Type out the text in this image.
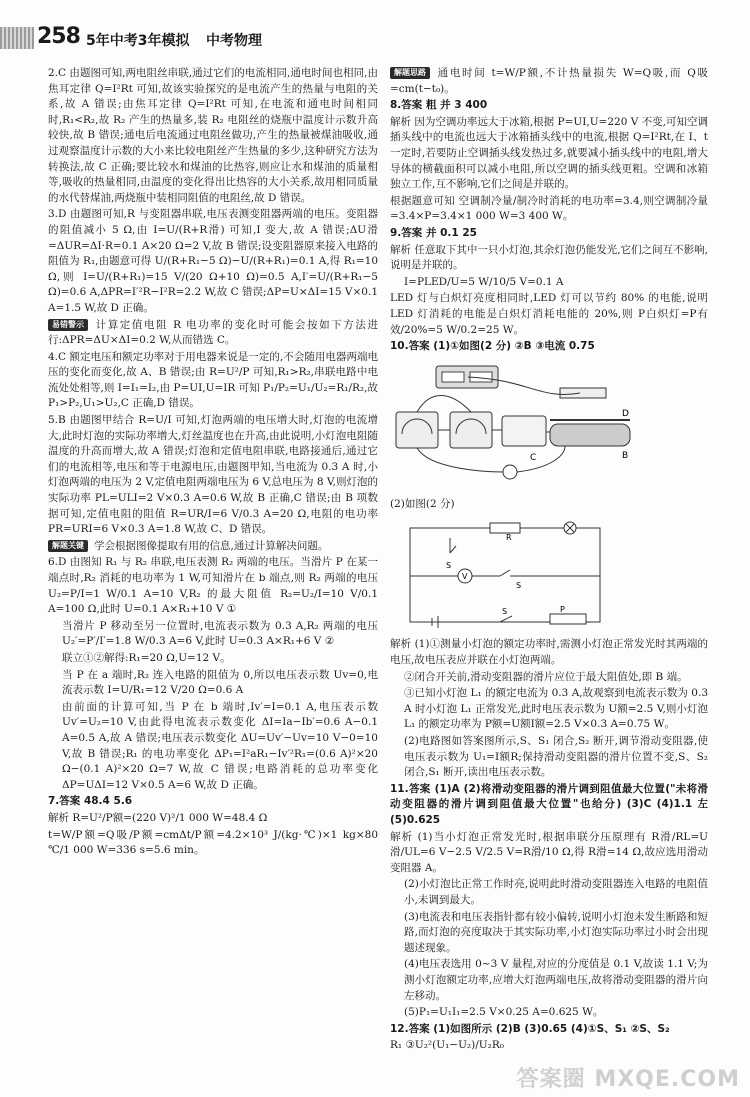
258 5年中考3年模拟 中考物理

2.C 由题图可知,两电阻丝串联,通过它们的电流相同,通电时间也相同,由焦耳定律 Q=I²Rt 可知,故该实验探究的是电流产生的热量与电阻的关系,故 A 错误;由焦耳定律 Q=I²Rt 可知,在电流和通电时间相同时,R₁<R₂,故 R₂ 产生的热量多,装 R₂ 电阻丝的烧瓶中温度计示数升高较快,故 B 错误;通电后电流通过电阻丝做功,产生的热量被煤油吸收,通过观察温度计示数的大小来比较电阻丝产生热量的多少,这种研究方法为转换法,故 C 正确;要比较水和煤油的比热容,则应让水和煤油的质量相等,吸收的热量相同,由温度的变化得出比热容的大小关系,故用相同质量的水代替煤油,两烧瓶中装相同阻值的电阻丝,故 D 错误。

3.D 由题图可知,R 与变阻器串联,电压表测变阻器两端的电压。变阻器的阻值减小 5 Ω,由 I=U/(R+R滑) 可知,I 变大,故 A 错误;ΔU滑=ΔUR=ΔI·R=0.1 A×20 Ω=2 V,故 B 错误;设变阻器原来接入电路的阻值为 R₁,由题意可得 U/(R+R₁−5 Ω)−U/(R+R₁)=0.1 A,得 R₁=10 Ω,则 I=U/(R+R₁)=15 V/(20 Ω+10 Ω)=0.5 A,I′=U/(R+R₁−5 Ω)=0.6 A,ΔPR=I′²R−I²R=2.2 W,故 C 错误;ΔP=U×ΔI=15 V×0.1 A=1.5 W,故 D 正确。

易错警示 计算定值电阻 R 电功率的变化时可能会按如下方法进行:ΔPR=ΔU×ΔI=0.2 W,从而错选 C。

4.C 额定电压和额定功率对于用电器来说是一定的,不会随用电器两端电压的变化而变化,故 A、B 错误;由 R=U²/P 可知,R₁>R₂,串联电路中电流处处相等,则 I=I₁=I₂,由 P=UI,U=IR 可知 P₁/P₂=U₁/U₂=R₁/R₂,故 P₁>P₂,U₁>U₂,C 正确,D 错误。

5.B 由题图甲结合 R=U/I 可知,灯泡两端的电压增大时,灯泡的电流增大,此时灯泡的实际功率增大,灯丝温度也在升高,由此说明,小灯泡电阻随温度的升高而增大,故 A 错误;灯泡和定值电阻串联,电路接通后,通过它们的电流相等,电压和等于电源电压,由题图甲知,当电流为 0.3 A 时,小灯泡两端的电压为 2 V,定值电阻两端电压为 6 V,总电压为 8 V,则灯泡的实际功率 PL=ULI=2 V×0.3 A=0.6 W,故 B 正确,C 错误;由 B 项数据可知,定值电阻的阻值 R=UR/I=6 V/0.3 A=20 Ω,电阻的电功率 PR=URI=6 V×0.3 A=1.8 W,故 C、D 错误。

解题关键 学会根据图像提取有用的信息,通过计算解决问题。

6.D 由图知 R₁ 与 R₂ 串联,电压表测 R₂ 两端的电压。当滑片 P 在某一端点时,R₂ 消耗的电功率为 1 W,可知滑片在 b 端点,则 R₂ 两端的电压 U₂=P/I=1 W/0.1 A=10 V,R₂ 的最大阻值 R₂=U₂/I=10 V/0.1 A=100 Ω,此时 U=0.1 A×R₁+10 V ①

当滑片 P 移动至另一位置时,电流表示数为 0.3 A,R₂ 两端的电压 U₂′=P′/I′=1.8 W/0.3 A=6 V,此时 U=0.3 A×R₁+6 V ②

联立①②解得:R₁=20 Ω,U=12 V。

当 P 在 a 端时,R₂ 连入电路的阻值为 0,所以电压表示数 Uv=0,电流表示数 I=U/R₁=12 V/20 Ω=0.6 A

由前面的计算可知,当 P 在 b 端时,Iv′=I=0.1 A,电压表示数 Uv′=U₂=10 V,由此得电流表示数变化 ΔI=Ia−Ib′=0.6 A−0.1 A=0.5 A,故 A 错误;电压表示数变化 ΔU=Uv′−Uv=10 V−0=10 V,故 B 错误;R₁ 的电功率变化 ΔP₁=I²aR₁−Iv′²R₁=(0.6 A)²×20 Ω−(0.1 A)²×20 Ω=7 W,故 C 错误;电路消耗的总功率变化 ΔP=UΔI=12 V×0.5 A=6 W,故 D 正确。

7.答案 48.4 5.6

解析 R=U²/P额=(220 V)²/1 000 W=48.4 Ω

t=W/P额=Q吸/P额=cmΔt/P额=4.2×10³ J/(kg·℃)×1 kg×80 ℃/1 000 W=336 s=5.6 min。

解题思路 通电时间 t=W/P额,不计热量损失 W=Q吸,而 Q吸=cm(t−t₀)。

8.答案 粗 并 3 400

解析 因为空调功率远大于冰箱,根据 P=UI,U=220 V 不变,可知空调插头线中的电流也远大于冰箱插头线中的电流,根据 Q=I²Rt,在 I、t 一定时,若要防止空调插头线发热过多,就要减小插头线中的电阻,增大导体的横截面积可以减小电阻,所以空调的插头线更粗。空调和冰箱独立工作,互不影响,它们之间是并联的。

根据题意可知 空调制冷量/制冷时消耗的电功率=3.4,则空调制冷量=3.4×P=3.4×1 000 W=3 400 W。

9.答案 并 0.1 25

解析 任意取下其中一只小灯泡,其余灯泡仍能发光,它们之间互不影响,说明是并联的。

I=PLED/U=5 W/10/5 V=0.1 A

LED 灯与白炽灯亮度相同时,LED 灯可以节约 80% 的电能,说明 LED 灯消耗的电能是白炽灯消耗电能的 20%,则 P白炽灯=P有效/20%=5 W/0.2=25 W。

10.答案 (1)①如图(2 分) ②B ③电流 0.75

C
D
B

(2)如图(2 分)

V
S
S
S	P
R

解析 (1)①测量小灯泡的额定功率时,需测小灯泡正常发光时其两端的电压,故电压表应并联在小灯泡两端。

②闭合开关前,滑动变阻器的滑片应位于最大阻值处,即 B 端。

③已知小灯泡 L₁ 的额定电流为 0.3 A,故观察到电流表示数为 0.3 A 时小灯泡 L₁ 正常发光,此时电压表示数为 U额=2.5 V,则小灯泡 L₁ 的额定功率为 P额=U额I额=2.5 V×0.3 A=0.75 W。

(2)电路图如答案图所示,S、S₁ 闭合,S₂ 断开,调节滑动变阻器,使电压表示数为 U₁=I额R;保持滑动变阻器的滑片位置不变,S、S₂ 闭合,S₁ 断开,读出电压表示数。

11.答案 (1)A (2)将滑动变阻器的滑片调到阻值最大位置("未将滑动变阻器的滑片调到阻值最大位置"也给分) (3)C (4)1.1 左 (5)0.625

解析 (1)当小灯泡正常发光时,根据串联分压原理有 R滑/RL=U滑/UL=6 V−2.5 V/2.5 V=R滑/10 Ω,得 R滑=14 Ω,故应选用滑动变阻器 A。

(2)小灯泡比正常工作时亮,说明此时滑动变阻器连入电路的电阻值小,未调到最大。

(3)电流表和电压表指针都有较小偏转,说明小灯泡未发生断路和短路,而灯泡的亮度取决于其实际功率,小灯泡实际功率过小时会出现题述现象。

(4)电压表选用 0~3 V 量程,对应的分度值是 0.1 V,故读 1.1 V;为测小灯泡额定功率,应增大灯泡两端电压,故将滑动变阻器的滑片向左移动。

(5)P₁=U₁I₁=2.5 V×0.25 A=0.625 W。

12.答案 (1)如图所示 (2)B (3)0.65 (4)①S、S₁ ②S、S₂

R₁ ③U₂²(U₁−U₂)/U₂R₀

答案圈 MXQE.COM
